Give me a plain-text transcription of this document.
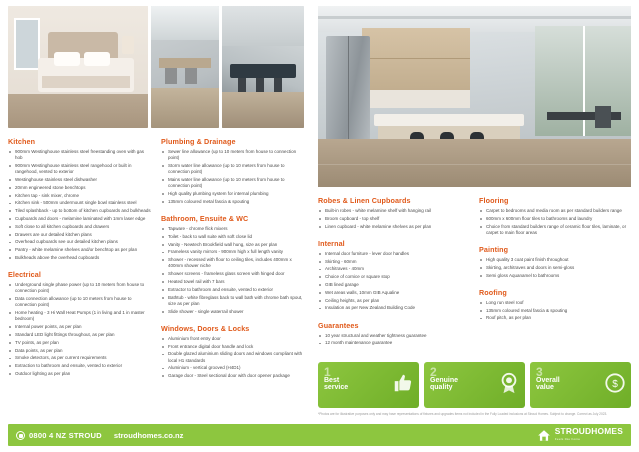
Kitchen
900mm Westinghouse stainless steel freestanding oven with gas hob
900mm Westinghouse stainless steel rangehood or built in rangehood, vented to exterior
Westinghouse stainless steel dishwasher
20mm engineered stone benchtops
Kitchen tap - sink mixer, chrome
Kitchen sink - 500mm undermount single bowl stainless steel
Tiled splashback - up to bottom of kitchen cupboards and bulkheads
Cupboards and doors - melamine laminated with 1mm laser edge
Soft close to all kitchen cupboards and drawers
Drawers are our detailed kitchen plans
Overhead cupboards see our detailed kitchen plans
Pantry - white melamine shelves and/or benchtop as per plan
Bulkheads above the overhead cupboards
Electrical
Underground single phase power (up to 10 meters from house to connection point)
Data connection allowance (up to 10 meters from house to connection point)
Home heating - 3 Hi Wall Heat Pumps (1 in living and 1 in master bedroom)
Internal power points, as per plan
Standard LED light fittings throughout, as per plan
TV points, as per plan
Data points, as per plan
Smoke detectors, as per current requirements
Extraction to bathroom and ensuite, vented to exterior
Outdoor lighting as per plan
Plumbing & Drainage
Sewer line allowance (up to 10 meters from house to connection point)
Storm water line allowance (up to 10 meters from house to connection point)
Mains water line allowance (up to 10 meters from house to connection point)
High quality plumbing system for internal plumbing
135mm coloured metal fascia & spouting
Bathroom, Ensuite & WC
Tapware - chrome flick mixers
Toilet - back to wall suite with soft close lid
Vanity - Newtech Brookfield wall hung, size as per plan
Frameless vanity mirrors - 900mm high x full length vanity
Shower - recessed with floor to ceiling tiles, includes 400mm x 400mm shower niche
Shower screens - frameless glass screen with hinged door
Heated towel rail with 7 bars
Extractor to bathroom and ensuite, vented to exterior
Bathtub - white fibreglass back to wall bath with chrome bath spout, size as per plan
Slide shower - single waterrail shower
Windows, Doors & Locks
Aluminium front entry door
Front entrance digital door handle and lock
Double glazed aluminium sliding doors and windows compliant with local H1 standards
Aluminium - vertical grooved (H4D1)
Garage door - Steel sectional door with door opener package
Robes & Linen Cupboards
Built-in robes - white melamine shelf with hanging rail
Broom cupboard - top shelf
Linen cupboard - white melamine shelves as per plan
Internal
Internal door furniture - lever door handles
Skirting - 60mm
Architraves - 40mm
Choice of cornice or square stop
GIB lined garage
Wet areas walls, 10mm GIB Aqualine
Ceiling heights, as per plan
Insulation as per New Zealand Building Code
Guarantees
10 year structural and weather tightness guarantee
12 month maintenance guarantee
Flooring
Carpet to bedrooms and media room as per standard builders range
600mm x 600mm floor tiles to bathrooms and laundry
Choice from standard builders range of ceramic floor tiles, laminate, or carpet to main floor areas
Painting
High quality 3 coat paint finish throughout
Skirting, architraves and doors in semi-gloss
Semi gloss Aquanamel to bathrooms
Roofing
Long run steel roof
135mm coloured metal fascia & spouting
Roof pitch, as per plan
1
Best
service
2
Genuine
quality
3
Overall
value	$
*Photos are for illustrative purposes only and may have representations of fixtures and upgrades items not included in the Fully Loaded inclusions at Stroud Homes. Subject to change. Correct as July 2023.
0800 4 NZ STROUD stroudhomes.co.nz	STROUDHOMES
Feels like home
